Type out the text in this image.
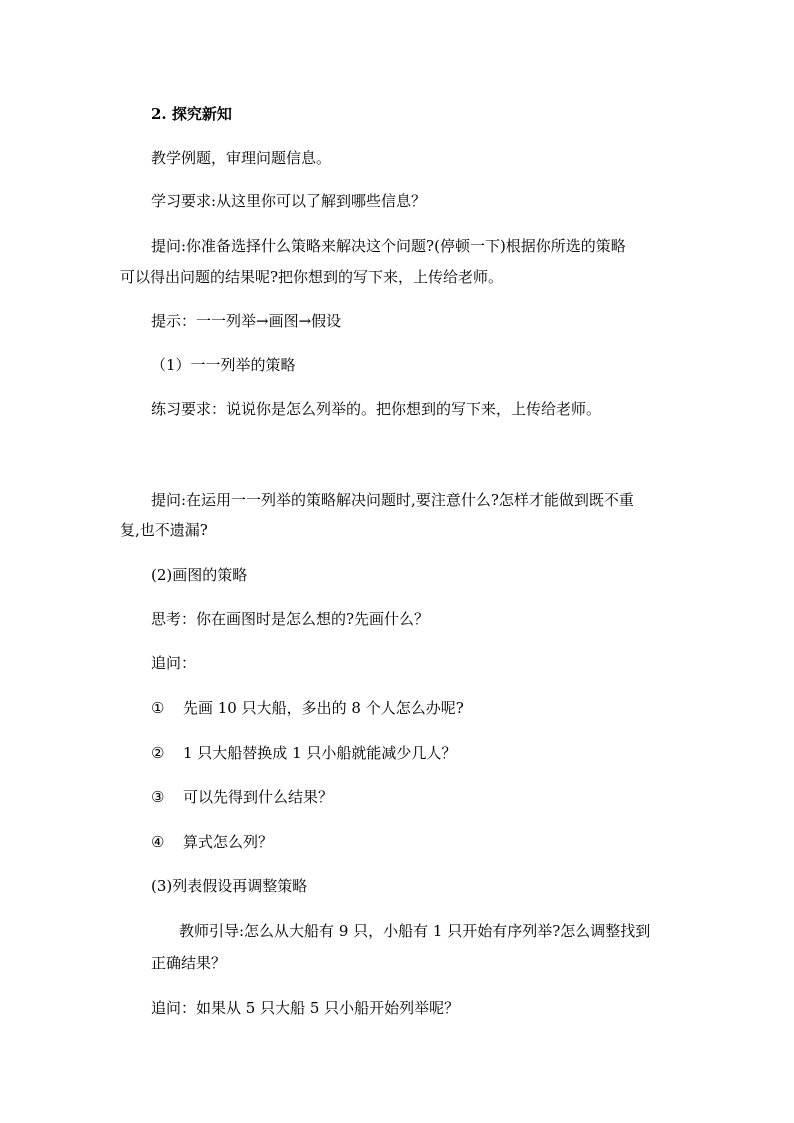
2. 探究新知
教学例题，审理问题信息。
学习要求:从这里你可以了解到哪些信息？
提问:你准备选择什么策略来解决这个问题?(停顿一下)根据你所选的策略
可以得出问题的结果呢?把你想到的写下来，上传给老师。
提示：一一列举→画图→假设
（1）一一列举的策略
练习要求：说说你是怎么列举的。把你想到的写下来，上传给老师。
提问:在运用一一列举的策略解决问题时,要注意什么?怎样才能做到既不重
复,也不遗漏?
(2)画图的策略
思考：你在画图时是怎么想的?先画什么？
追问：
① 先画 10 只大船，多出的 8 个人怎么办呢?
② 1 只大船替换成 1 只小船就能减少几人？
③ 可以先得到什么结果？
④ 算式怎么列？
(3)列表假设再调整策略
教师引导:怎么从大船有 9 只，小船有 1 只开始有序列举?怎么调整找到
正确结果？
追问：如果从 5 只大船 5 只小船开始列举呢？
